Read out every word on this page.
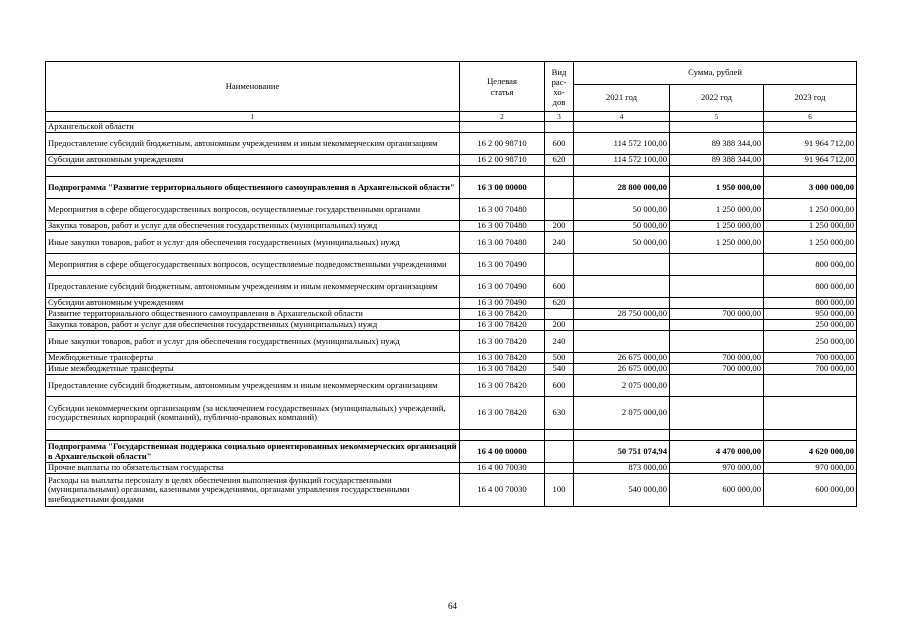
Наименование	Целевая статья	Вид
рас-
хо-
дов	Сумма, рублей		
			2021 год	2022 год	2023 год
1	2	3	4	5	6
Архангельской области					
Предоставление субсидий бюджетным, автономным учреждениям и иным некоммерческим организациям	16 2 00 98710	600	114 572 100,00	89 388 344,00	91 964 712,00
Субсидии автономным учреждениям	16 2 00 98710	620	114 572 100,00	89 388 344,00	91 964 712,00

Подпрограмма "Развитие территориального общественного самоуправления в Архангельской области"	16 3 00 00000		28 800 000,00	1 950 000,00	3 000 000,00
Мероприятия в сфере общегосударственных вопросов, осуществляемые государственными органами	16 3 00 70480		50 000,00	1 250 000,00	1 250 000,00
Закупка товаров, работ и услуг для обеспечения государственных (муниципальных) нужд	16 3 00 70480	200	50 000,00	1 250 000,00	1 250 000,00
Иные закупки товаров, работ и услуг для обеспечения государственных (муниципальных) нужд	16 3 00 70480	240	50 000,00	1 250 000,00	1 250 000,00
Мероприятия в сфере общегосударственных вопросов, осуществляемые подведомственными учреждениями	16 3 00 70490				800 000,00
Предоставление субсидий бюджетным, автономным учреждениям и иным некоммерческим организациям	16 3 00 70490	600			800 000,00
Субсидии автономным учреждениям	16 3 00 70490	620			800 000,00
Развитие территориального общественного самоуправления в Архангельской области	16 3 00 78420		28 750 000,00	700 000,00	950 000,00
Закупка товаров, работ и услуг для обеспечения государственных (муниципальных) нужд	16 3 00 78420	200			250 000,00
Иные закупки товаров, работ и услуг для обеспечения государственных (муниципальных) нужд	16 3 00 78420	240			250 000,00
Межбюджетные трансферты	16 3 00 78420	500	26 675 000,00	700 000,00	700 000,00
Иные межбюджетные трансферты	16 3 00 78420	540	26 675 000,00	700 000,00	700 000,00
Предоставление субсидий бюджетным, автономным учреждениям и иным некоммерческим организациям	16 3 00 78420	600	2 075 000,00		
Субсидии некоммерческим организациям (за исключением государственных (муниципальных) учреждений, государственных корпораций (компаний), публично-правовых компаний)	16 3 00 78420	630	2 075 000,00		

Подпрограмма "Государственная поддержка социально ориентированных некоммерческих организаций в Архангельской области"	16 4 00 00000		50 751 074,94	4 470 000,00	4 620 000,00
Прочие выплаты по обязательствам государства	16 4 00 70030		873 000,00	970 000,00	970 000,00
Расходы на выплаты персоналу в целях обеспечения выполнения функций государственными (муниципальными) органами, казенными учреждениями, органами управления государственными внебюджетными фондами	16 4 00 70030	100	540 000,00	600 000,00	600 000,00
64
